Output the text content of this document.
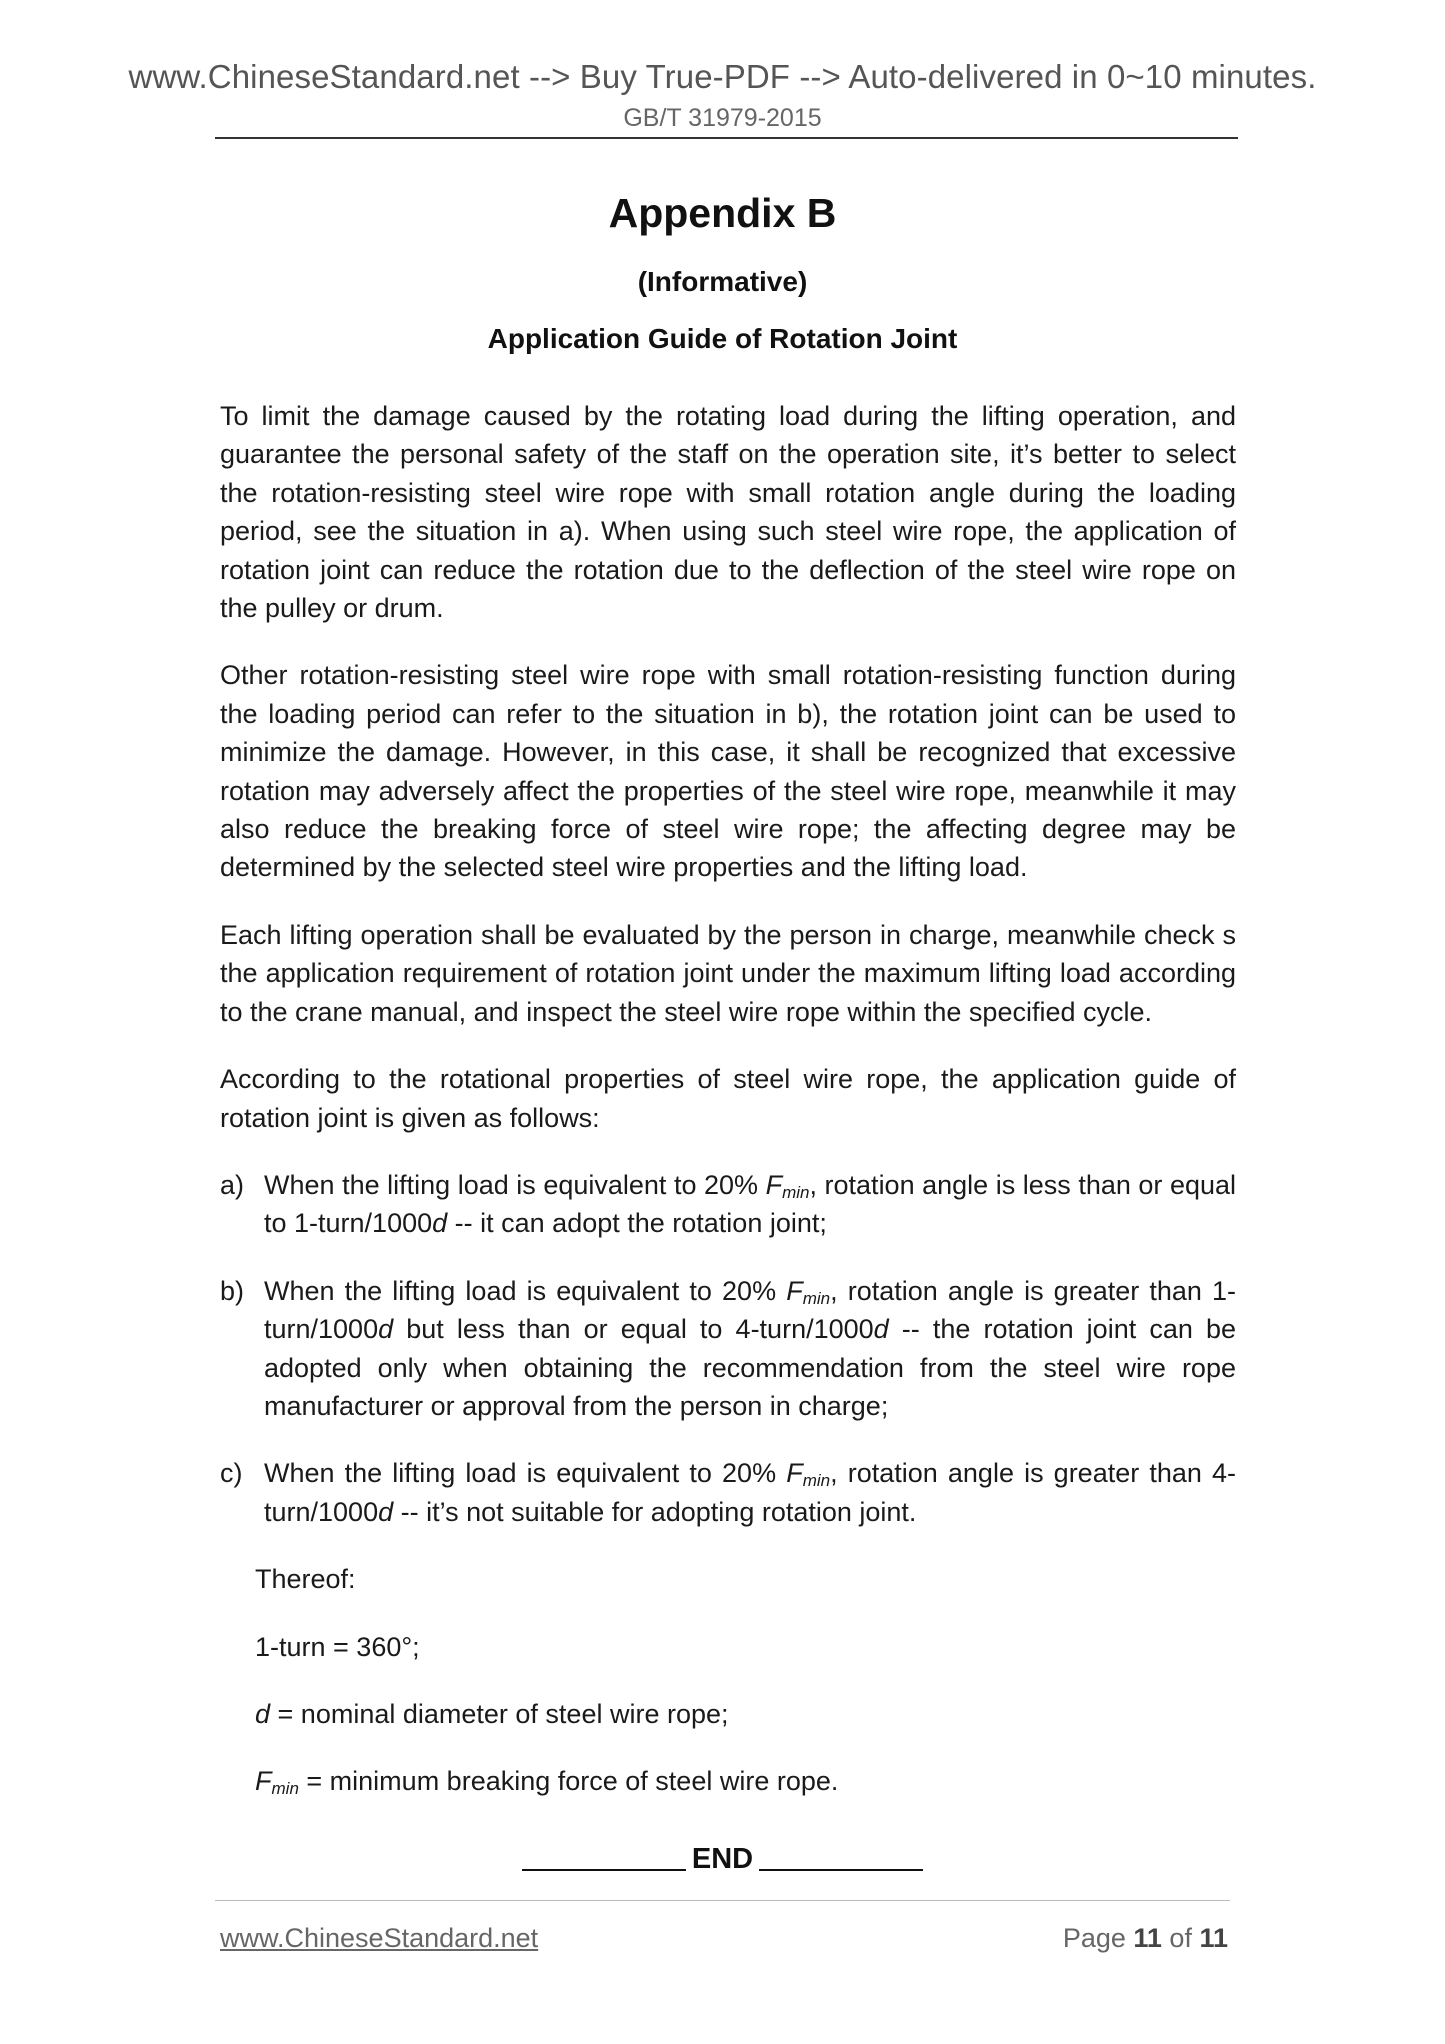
www.ChineseStandard.net --> Buy True-PDF --> Auto-delivered in 0~10 minutes.
GB/T 31979-2015
Appendix B
(Informative)
Application Guide of Rotation Joint

To limit the damage caused by the rotating load during the lifting operation, and guarantee the personal safety of the staff on the operation site, it’s better to select the rotation-resisting steel wire rope with small rotation angle during the loading period, see the situation in a). When using such steel wire rope, the application of rotation joint can reduce the rotation due to the deflection of the steel wire rope on the pulley or drum.

Other rotation-resisting steel wire rope with small rotation-resisting function during the loading period can refer to the situation in b), the rotation joint can be used to minimize the damage. However, in this case, it shall be recognized that excessive rotation may adversely affect the properties of the steel wire rope, meanwhile it may also reduce the breaking force of steel wire rope; the affecting degree may be determined by the selected steel wire properties and the lifting load.

Each lifting operation shall be evaluated by the person in charge, meanwhile check s the application requirement of rotation joint under the maximum lifting load according to the crane manual, and inspect the steel wire rope within the specified cycle.

According to the rotational properties of steel wire rope, the application guide of rotation joint is given as follows:

a) When the lifting load is equivalent to 20% $F_{min}$, rotation angle is less than or equal to 1-turn/1000d -- it can adopt the rotation joint;
b) When the lifting load is equivalent to 20% $F_{min}$, rotation angle is greater than 1-turn/1000d but less than or equal to 4-turn/1000d -- the rotation joint can be adopted only when obtaining the recommendation from the steel wire rope manufacturer or approval from the person in charge;
c) When the lifting load is equivalent to 20% $F_{min}$, rotation angle is greater than 4-turn/1000d -- it’s not suitable for adopting rotation joint.
Thereof:
1-turn = 360°;
d = nominal diameter of steel wire rope;
$F_{min}$ = minimum breaking force of steel wire rope.
END
www.ChineseStandard.net	Page 11 of 11
